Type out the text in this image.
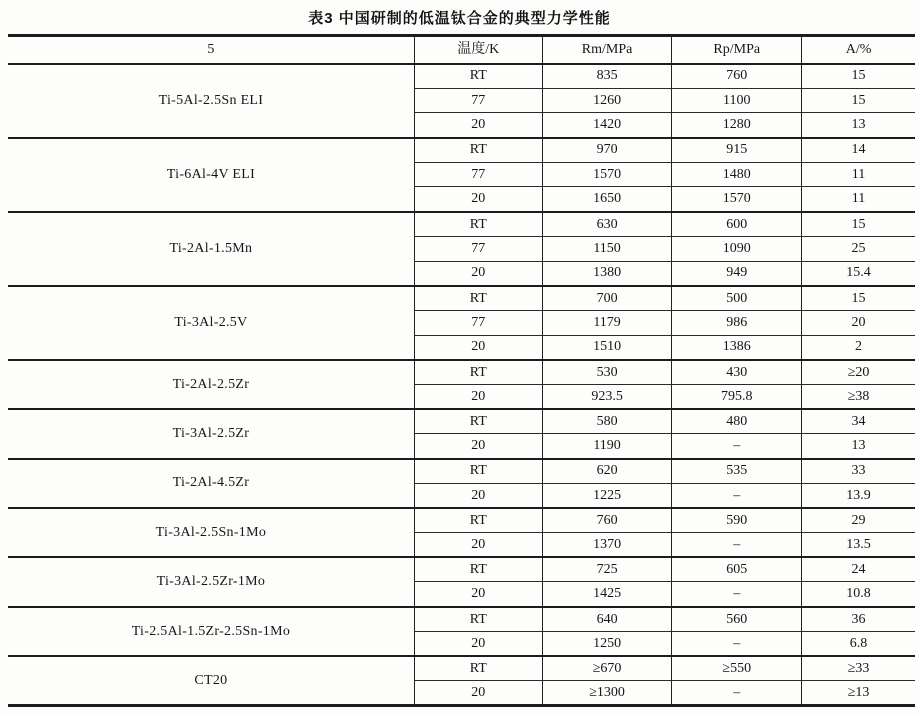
表3 中国研制的低温钛合金的典型力学性能
5	温度/K	Rm/MPa	Rp/MPa	A/%
Ti-5Al-2.5Sn ELI	RT	835	760	15
	77	1260	1100	15
	20	1420	1280	13
Ti-6Al-4V ELI	RT	970	915	14
	77	1570	1480	11
	20	1650	1570	11
Ti-2Al-1.5Mn	RT	630	600	15
	77	1150	1090	25
	20	1380	949	15.4
Ti-3Al-2.5V	RT	700	500	15
	77	1179	986	20
	20	1510	1386	2
Ti-2Al-2.5Zr	RT	530	430	≥20
	20	923.5	795.8	≥38
Ti-3Al-2.5Zr	RT	580	480	34
	20	1190	–	13
Ti-2Al-4.5Zr	RT	620	535	33
	20	1225	–	13.9
Ti-3Al-2.5Sn-1Mo	RT	760	590	29
	20	1370	–	13.5
Ti-3Al-2.5Zr-1Mo	RT	725	605	24
	20	1425	–	10.8
Ti-2.5Al-1.5Zr-2.5Sn-1Mo	RT	640	560	36
	20	1250	–	6.8
CT20	RT	≥670	≥550	≥33
	20	≥1300	–	≥13
